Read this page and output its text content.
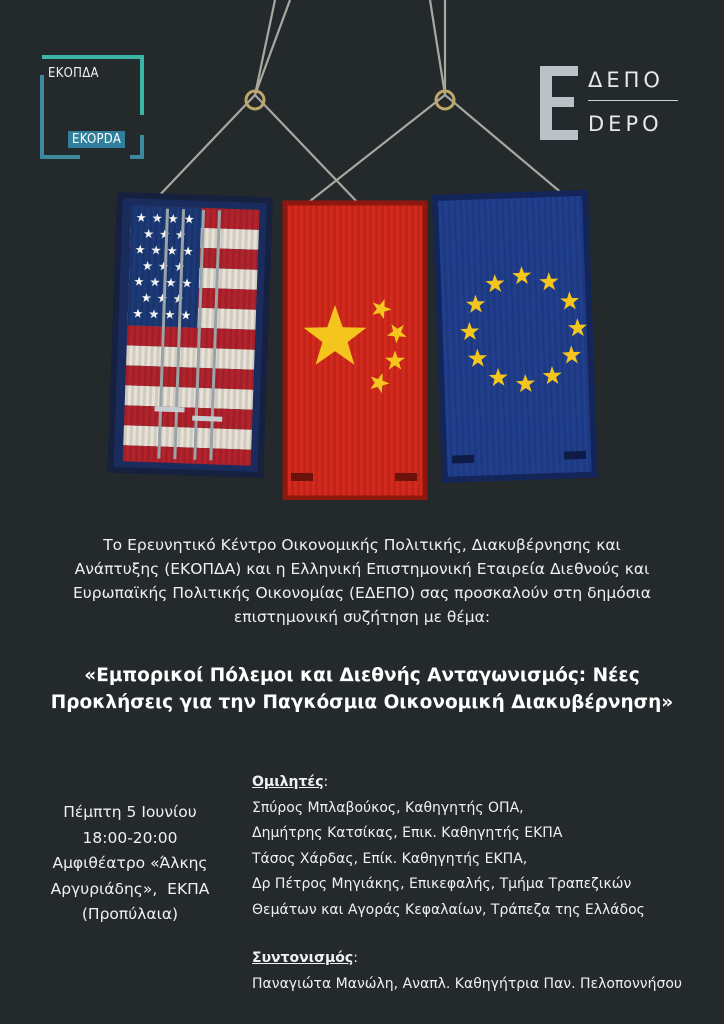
ΕΚΟΠΔΑ
EKOPDA
ΔΕΠΟ
DEPO

Το Ερευνητικό Κέντρο Οικονομικής Πολιτικής, Διακυβέρνησης και Ανάπτυξης (ΕΚΟΠΔΑ) και η Ελληνική Επιστημονική Εταιρεία Διεθνούς και Ευρωπαϊκής Πολιτικής Οικονομίας (ΕΔΕΠΟ) σας προσκαλούν στη δημόσια επιστημονική συζήτηση με θέμα:

«Εμπορικοί Πόλεμοι και Διεθνής Ανταγωνισμός: Νέες
Προκλήσεις για την Παγκόσμια Οικονομική Διακυβέρνηση»
Πέμπτη 5 Ιουνίου
18:00-20:00
Αμφιθέατρο «Άλκης
Αργυριάδης»,  ΕΚΠΑ
(Προπύλαια)
Ομιλητές:
Σπύρος Μπλαβούκος, Καθηγητής ΟΠΑ,
Δημήτρης Κατσίκας, Επικ. Καθηγητής ΕΚΠΑ
Τάσος Χάρδας, Επίκ. Καθηγητής ΕΚΠΑ,
Δρ Πέτρος Μηγιάκης, Επικεφαλής, Τμήμα Τραπεζικών
Θεμάτων και Αγοράς Κεφαλαίων, Τράπεζα της Ελλάδος
Συντονισμός:
Παναγιώτα Μανώλη, Αναπλ. Καθηγήτρια Παν. Πελοποννήσου
